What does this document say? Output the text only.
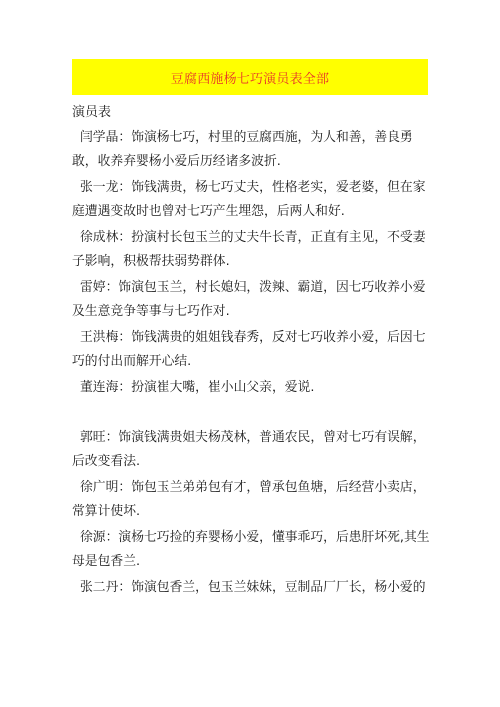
豆腐西施杨七巧演员表全部
演员表

闫学晶：饰演杨七巧，村里的豆腐西施，为人和善，善良勇敢，收养弃婴杨小爱后历经诸多波折.

张一龙：饰钱满贵，杨七巧丈夫，性格老实，爱老婆，但在家庭遭遇变故时也曾对七巧产生埋怨，后两人和好.

徐成林：扮演村长包玉兰的丈夫牛长青，正直有主见，不受妻子影响，积极帮扶弱势群体.

雷婷：饰演包玉兰，村长媳妇，泼辣、霸道，因七巧收养小爱及生意竞争等事与七巧作对.

王洪梅：饰钱满贵的姐姐钱春秀，反对七巧收养小爱，后因七巧的付出而解开心结.

董连海：扮演崔大嘴，崔小山父亲，爱说.

郭旺：饰演钱满贵姐夫杨茂林，普通农民，曾对七巧有误解，后改变看法.

徐广明：饰包玉兰弟弟包有才，曾承包鱼塘，后经营小卖店，常算计使坏.

徐源：演杨七巧捡的弃婴杨小爱，懂事乖巧，后患肝坏死,其生母是包香兰.

张二丹：饰演包香兰，包玉兰妹妹，豆制品厂厂长，杨小爱的
